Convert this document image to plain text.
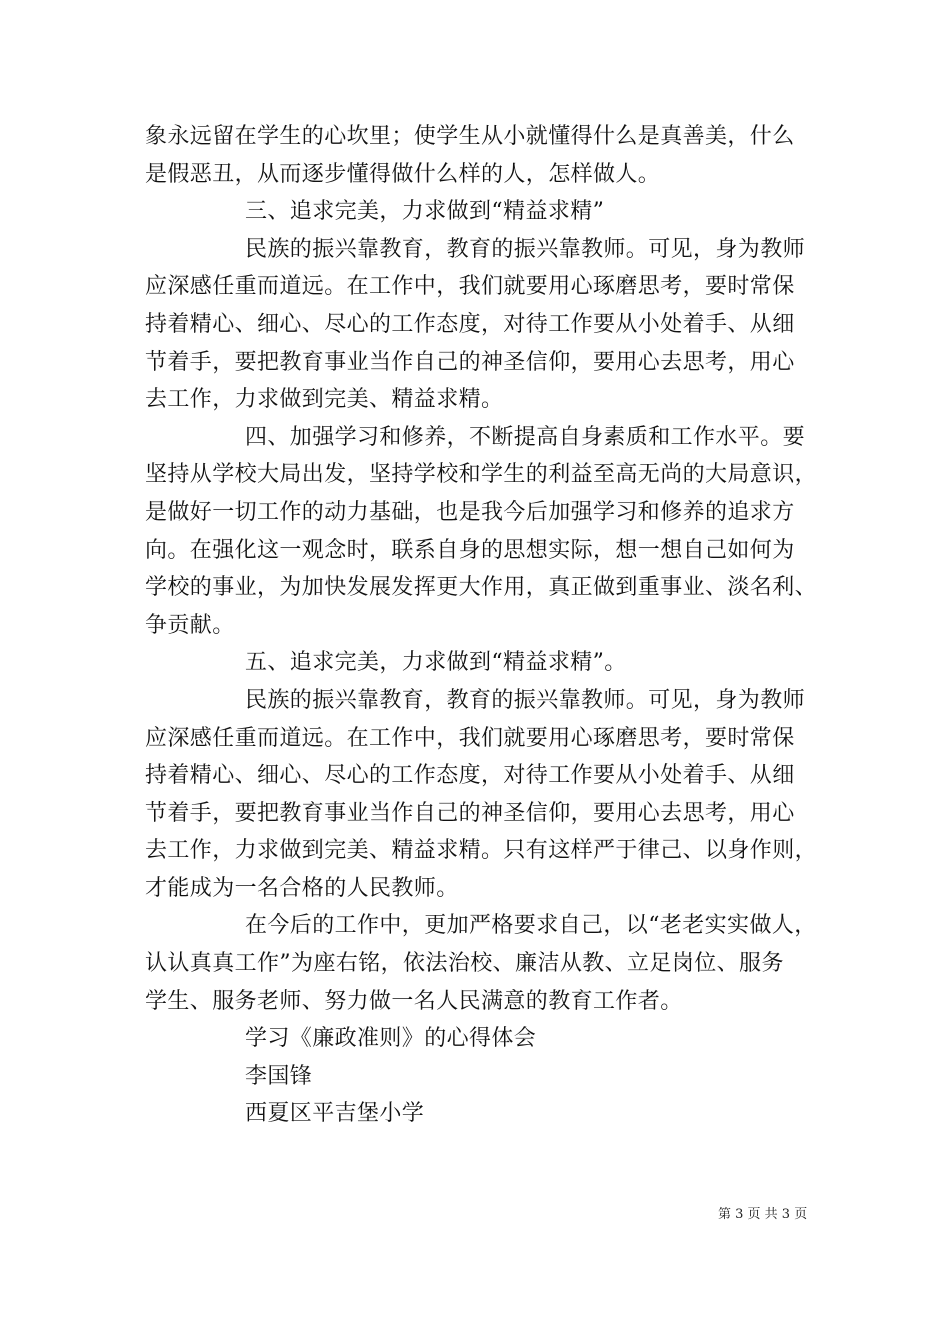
象永远留在学生的心坎里；使学生从小就懂得什么是真善美，什么
是假恶丑，从而逐步懂得做什么样的人，怎样做人。
三、追求完美，力求做到“精益求精”
民族的振兴靠教育，教育的振兴靠教师。可见，身为教师
应深感任重而道远。在工作中，我们就要用心琢磨思考，要时常保
持着精心、细心、尽心的工作态度，对待工作要从小处着手、从细
节着手，要把教育事业当作自己的神圣信仰，要用心去思考，用心
去工作，力求做到完美、精益求精。
四、加强学习和修养，不断提高自身素质和工作水平。要
坚持从学校大局出发，坚持学校和学生的利益至高无尚的大局意识，
是做好一切工作的动力基础，也是我今后加强学习和修养的追求方
向。在强化这一观念时，联系自身的思想实际，想一想自己如何为
学校的事业，为加快发展发挥更大作用，真正做到重事业、淡名利、
争贡献。
五、追求完美，力求做到“精益求精”。
民族的振兴靠教育，教育的振兴靠教师。可见，身为教师
应深感任重而道远。在工作中，我们就要用心琢磨思考，要时常保
持着精心、细心、尽心的工作态度，对待工作要从小处着手、从细
节着手，要把教育事业当作自己的神圣信仰，要用心去思考，用心
去工作，力求做到完美、精益求精。只有这样严于律己、以身作则，
才能成为一名合格的人民教师。
在今后的工作中，更加严格要求自己，以“老老实实做人，
认认真真工作”为座右铭，依法治校、廉洁从教、立足岗位、服务
学生、服务老师、努力做一名人民满意的教育工作者。
学习《廉政准则》的心得体会
李国锋
西夏区平吉堡小学
第 3 页 共 3 页
